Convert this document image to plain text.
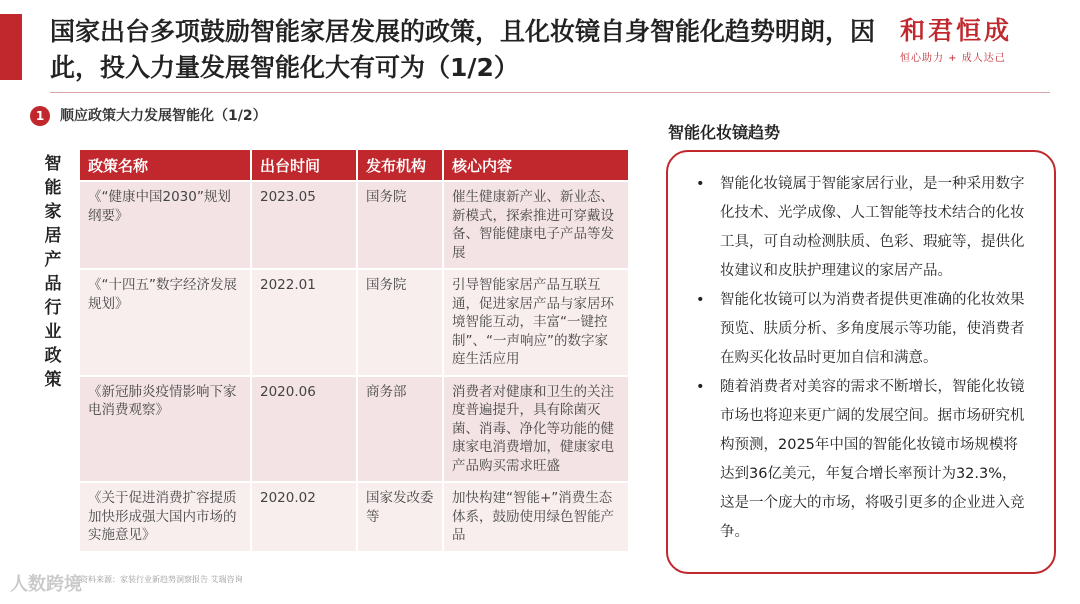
国家出台多项鼓励智能家居发展的政策，且化妆镜自身智能化趋势明朗，因此，投入力量发展智能化大有可为（1/2）
和君恒成
恒心助力 + 成人达己
1	顺应政策大力发展智能化（1/2）
智能家居产品行业政策
政策名称	出台时间	发布机构	核心内容
《“健康中国2030”规划纲要》	2023.05	国务院	催生健康新产业、新业态、新模式，探索推进可穿戴设备、智能健康电子产品等发展
《“十四五”数字经济发展规划》	2022.01	国务院	引导智能家居产品互联互通，促进家居产品与家居环境智能互动，丰富“一键控制”、“一声响应”的数字家庭生活应用
《新冠肺炎疫情影响下家电消费观察》	2020.06	商务部	消费者对健康和卫生的关注度普遍提升，具有除菌灭菌、消毒、净化等功能的健康家电消费增加，健康家电产品购买需求旺盛
《关于促进消费扩容提质加快形成强大国内市场的实施意见》	2020.02	国家发改委等	加快构建“智能+”消费生态体系，鼓励使用绿色智能产品
人数跨境
资料来源：家装行业新趋势洞察报告 艾瑞咨询
智能化妆镜趋势
• 智能化妆镜属于智能家居行业，是一种采用数字化技术、光学成像、人工智能等技术结合的化妆工具，可自动检测肤质、色彩、瑕疵等，提供化妆建议和皮肤护理建议的家居产品。
• 智能化妆镜可以为消费者提供更准确的化妆效果预览、肤质分析、多角度展示等功能，使消费者在购买化妆品时更加自信和满意。
• 随着消费者对美容的需求不断增长，智能化妆镜市场也将迎来更广阔的发展空间。据市场研究机构预测，2025年中国的智能化妆镜市场规模将达到36亿美元，年复合增长率预计为32.3%，这是一个庞大的市场，将吸引更多的企业进入竞争。
